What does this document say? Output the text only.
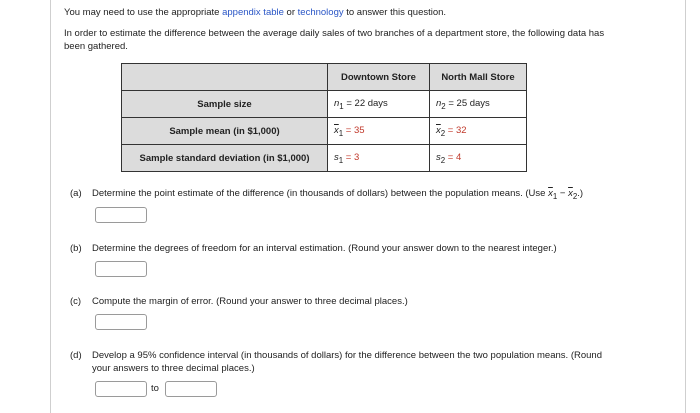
You may need to use the appropriate appendix table or technology to answer this question.
In order to estimate the difference between the average daily sales of two branches of a department store, the following data has
been gathered.
	Downtown Store	North Mall Store
Sample size	$n_1 = 22$ days	$n_2 = 25$ days
Sample mean (in $1,000)	$\overline{x}_1 = 35$	$\overline{x}_2 = 32$
Sample standard deviation (in $1,000)	$s_1 = 3$	$s_2 = 4$
(a) Determine the point estimate of the difference (in thousands of dollars) between the population means. (Use $\overline{x}_1 - \overline{x}_2$.)
(b) Determine the degrees of freedom for an interval estimation. (Round your answer down to the nearest integer.)
(c) Compute the margin of error. (Round your answer to three decimal places.)
(d) Develop a 95% confidence interval (in thousands of dollars) for the difference between the two population means. (Round
your answers to three decimal places.)
to
